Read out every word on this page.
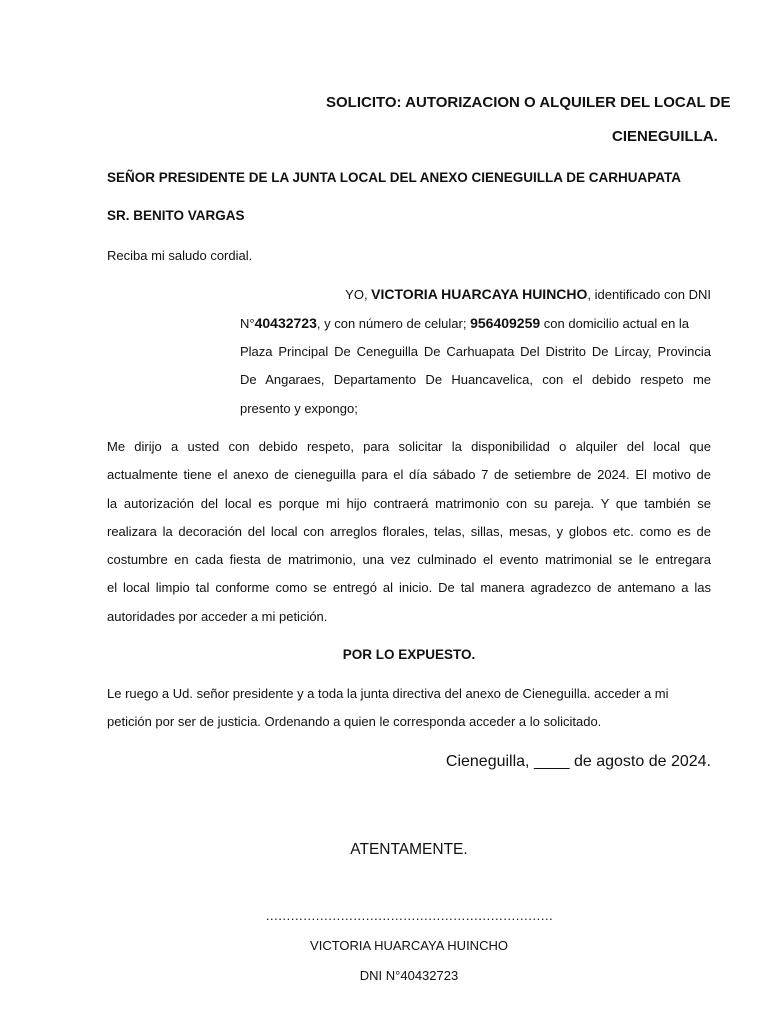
SOLICITO: AUTORIZACION O ALQUILER DEL LOCAL DE
CIENEGUILLA.
SEÑOR PRESIDENTE DE LA JUNTA LOCAL DEL ANEXO CIENEGUILLA DE CARHUAPATA
SR. BENITO VARGAS
Reciba mi saludo cordial.
YO, VICTORIA HUARCAYA HUINCHO, identificado con DNI
N°40432723, y con número de celular; 956409259 con domicilio actual en la
Plaza Principal De Ceneguilla De Carhuapata Del Distrito De Lircay, Provincia
De Angaraes, Departamento De Huancavelica, con el debido respeto me
presento y expongo;
Me dirijo a usted con debido respeto, para solicitar la disponibilidad o alquiler del local que
actualmente tiene el anexo de cieneguilla para el día sábado 7 de setiembre de 2024. El motivo de
la autorización del local es porque mi hijo contraerá matrimonio con su pareja. Y que también se
realizara la decoración del local con arreglos florales, telas, sillas, mesas, y globos etc. como es de
costumbre en cada fiesta de matrimonio, una vez culminado el evento matrimonial se le entregara
el local limpio tal conforme como se entregó al inicio. De tal manera agradezco de antemano a las
autoridades por acceder a mi petición.
POR LO EXPUESTO.
Le ruego a Ud. señor presidente y a toda la junta directiva del anexo de Cieneguilla. acceder a mi
petición por ser de justicia. Ordenando a quien le corresponda acceder a lo solicitado.
Cieneguilla, ____ de agosto de 2024.
ATENTAMENTE.
……………………………………………………………
VICTORIA HUARCAYA HUINCHO
DNI N°40432723
